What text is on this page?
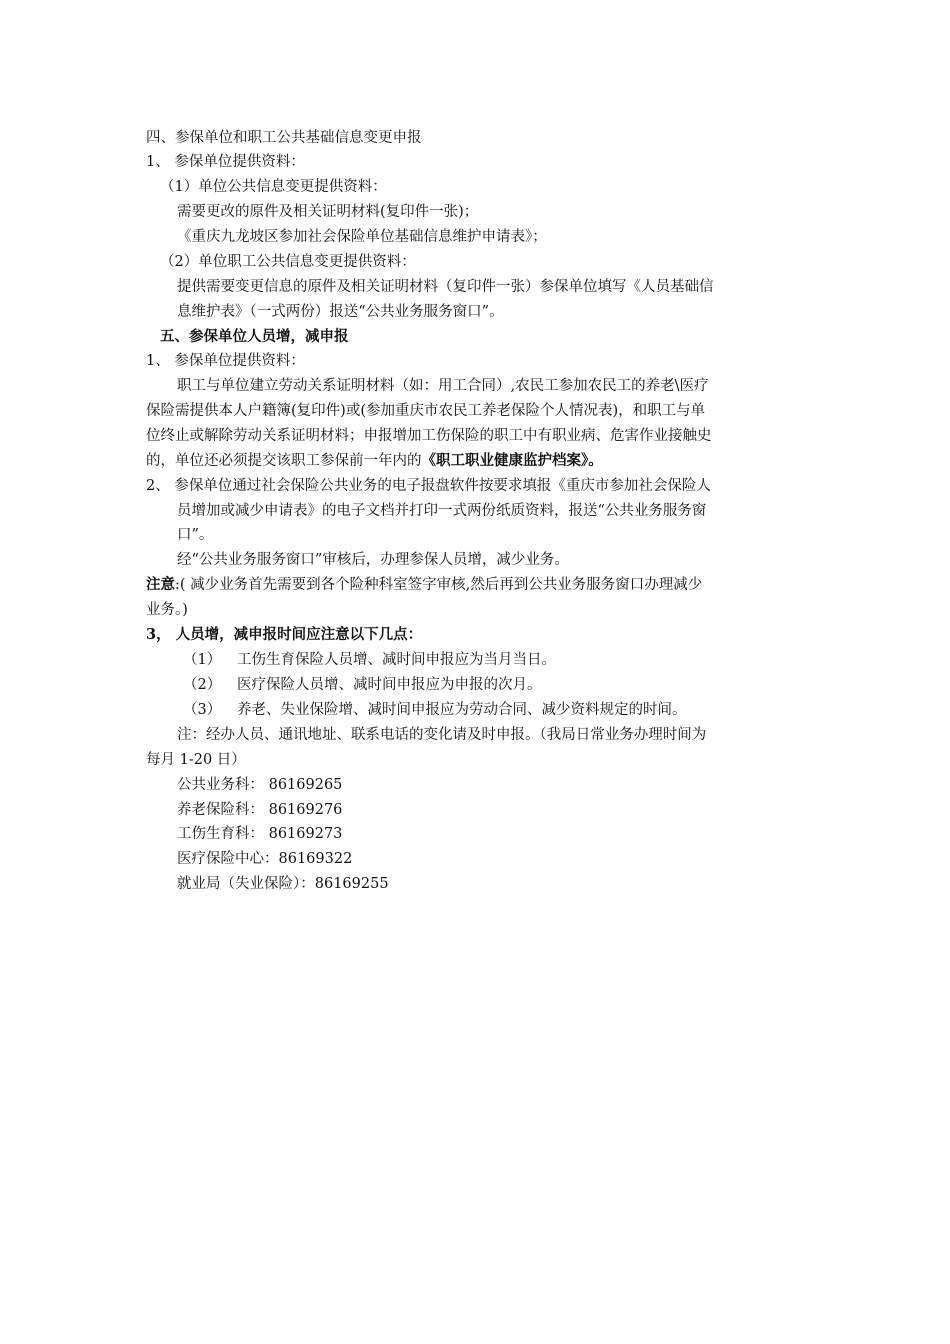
四、参保单位和职工公共基础信息变更申报
1、 参保单位提供资料：
（1）单位公共信息变更提供资料：
需要更改的原件及相关证明材料(复印件一张)；
《重庆九龙坡区参加社会保险单位基础信息维护申请表》；
（2）单位职工公共信息变更提供资料：
提供需要变更信息的原件及相关证明材料（复印件一张）参保单位填写《人员基础信
息维护表》（一式两份）报送“公共业务服务窗口”。
五、参保单位人员增，减申报
1、 参保单位提供资料：
职工与单位建立劳动关系证明材料（如：用工合同）,农民工参加农民工的养老\医疗
保险需提供本人户籍簿(复印件)或(参加重庆市农民工养老保险个人情况表)，和职工与单
位终止或解除劳动关系证明材料；申报增加工伤保险的职工中有职业病、危害作业接触史
的，单位还必须提交该职工参保前一年内的《职工职业健康监护档案》。
2、 参保单位通过社会保险公共业务的电子报盘软件按要求填报《重庆市参加社会保险人
员增加或减少申请表》的电子文档并打印一式两份纸质资料，报送“公共业务服务窗
口”。
经“公共业务服务窗口”审核后，办理参保人员增，减少业务。
注意:( 减少业务首先需要到各个险种科室签字审核,然后再到公共业务服务窗口办理减少
业务。)
3， 人员增，减申报时间应注意以下几点：
（1） 工伤生育保险人员增、减时间申报应为当月当日。
（2） 医疗保险人员增、减时间申报应为申报的次月。
（3） 养老、失业保险增、减时间申报应为劳动合同、减少资料规定的时间。
注：经办人员、通讯地址、联系电话的变化请及时申报。（我局日常业务办理时间为
每月 1-20 日）
公共业务科： 86169265
养老保险科： 86169276
工伤生育科： 86169273
医疗保险中心：86169322
就业局（失业保险）：86169255
